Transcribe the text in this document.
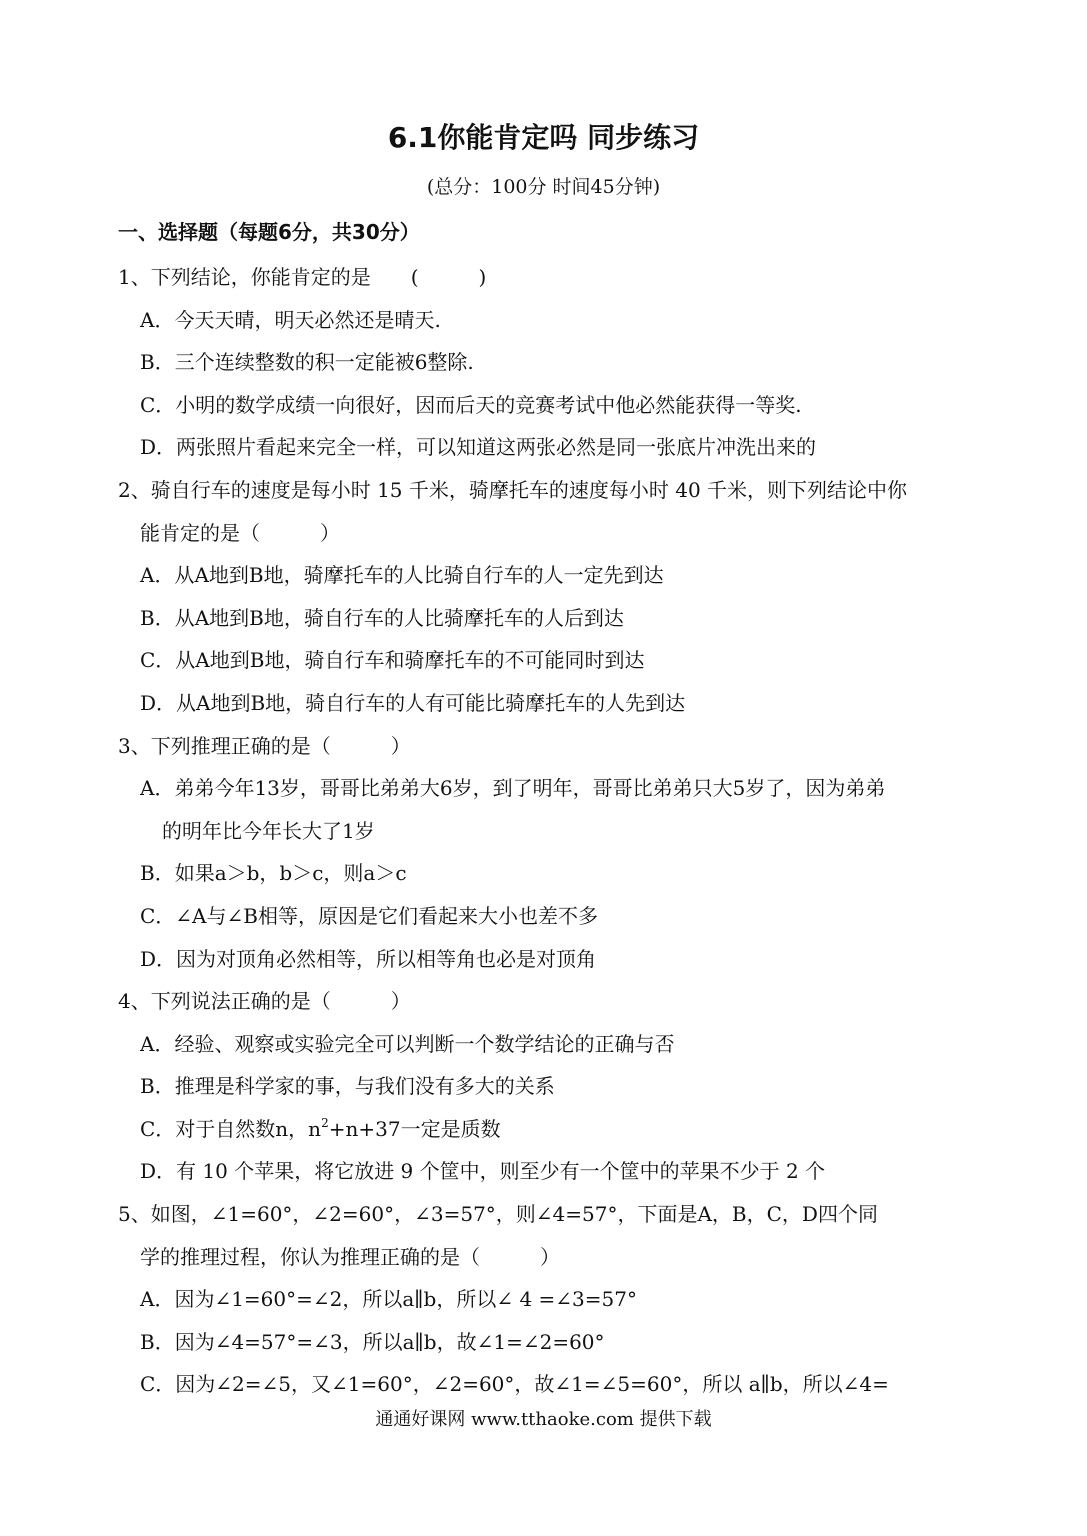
6.1你能肯定吗 同步练习
(总分：100分 时间45分钟)
一、选择题（每题6分，共30分）
1、下列结论，你能肯定的是　　(　　　)
A．今天天晴，明天必然还是晴天.
B．三个连续整数的积一定能被6整除.
C．小明的数学成绩一向很好，因而后天的竞赛考试中他必然能获得一等奖.
D．两张照片看起来完全一样，可以知道这两张必然是同一张底片冲洗出来的
2、骑自行车的速度是每小时 15 千米，骑摩托车的速度每小时 40 千米，则下列结论中你
能肯定的是（　　　）
A．从A地到B地，骑摩托车的人比骑自行车的人一定先到达
B．从A地到B地，骑自行车的人比骑摩托车的人后到达
C．从A地到B地，骑自行车和骑摩托车的不可能同时到达
D．从A地到B地，骑自行车的人有可能比骑摩托车的人先到达
3、下列推理正确的是（　　　）
A．弟弟今年13岁，哥哥比弟弟大6岁，到了明年，哥哥比弟弟只大5岁了，因为弟弟
的明年比今年长大了1岁
B．如果a＞b，b＞c，则a＞c
C．∠A与∠B相等，原因是它们看起来大小也差不多
D．因为对顶角必然相等，所以相等角也必是对顶角
4、下列说法正确的是（　　　）
A．经验、观察或实验完全可以判断一个数学结论的正确与否
B．推理是科学家的事，与我们没有多大的关系
C．对于自然数n，$n^2+n+37$一定是质数
D．有 10 个苹果，将它放进 9 个筐中，则至少有一个筐中的苹果不少于 2 个
5、如图，∠1=60°，∠2=60°，∠3=57°，则∠4=57°，下面是A，B，C，D四个同
学的推理过程，你认为推理正确的是（　　　）
A．因为∠1=60°=∠2，所以a∥b，所以∠ 4 =∠3=57°
B．因为∠4=57°=∠3，所以a∥b，故∠1=∠2=60°
C．因为∠2=∠5，又∠1=60°，∠2=60°，故∠1=∠5=60°，所以 a∥b，所以∠4=
通通好课网 www.tthaoke.com 提供下载
